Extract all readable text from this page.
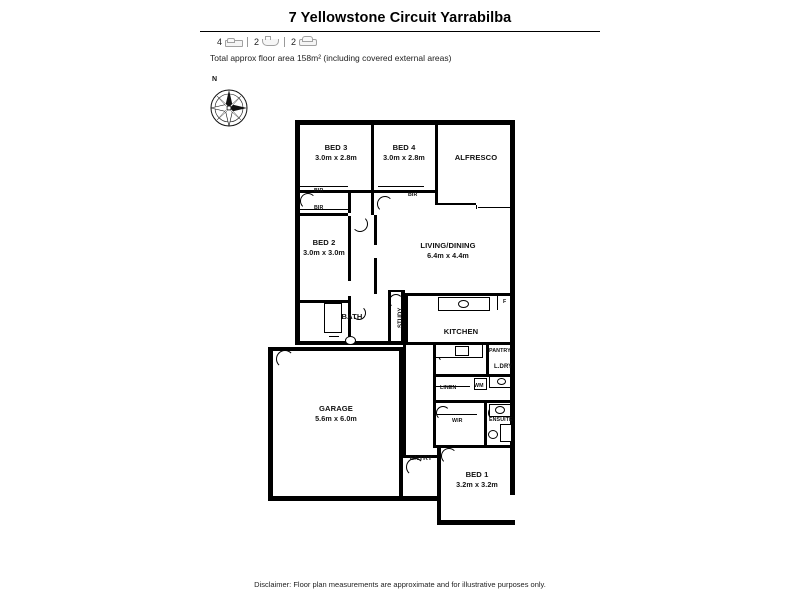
7 Yellowstone Circuit Yarrabilba
4	2	2
Total approx floor area 158m² (including covered external areas)
N
BED 3
3.0m x 2.8m
BED 4
3.0m x 2.8m	ALFRESCO
BED 2
3.0m x 3.0m
LIVING/DINING
6.4m x 4.4m
BATH
KITCHEN
GARAGE
5.6m x 6.0m
ENTRY
BED 1
3.2m x 3.2m
ENSUITE
BIR
BIR
BIR
STUDY
PANTRY
L.DRY
LINEN	WM
WIR
F
Disclaimer: Floor plan measurements are approximate and for illustrative purposes only.
